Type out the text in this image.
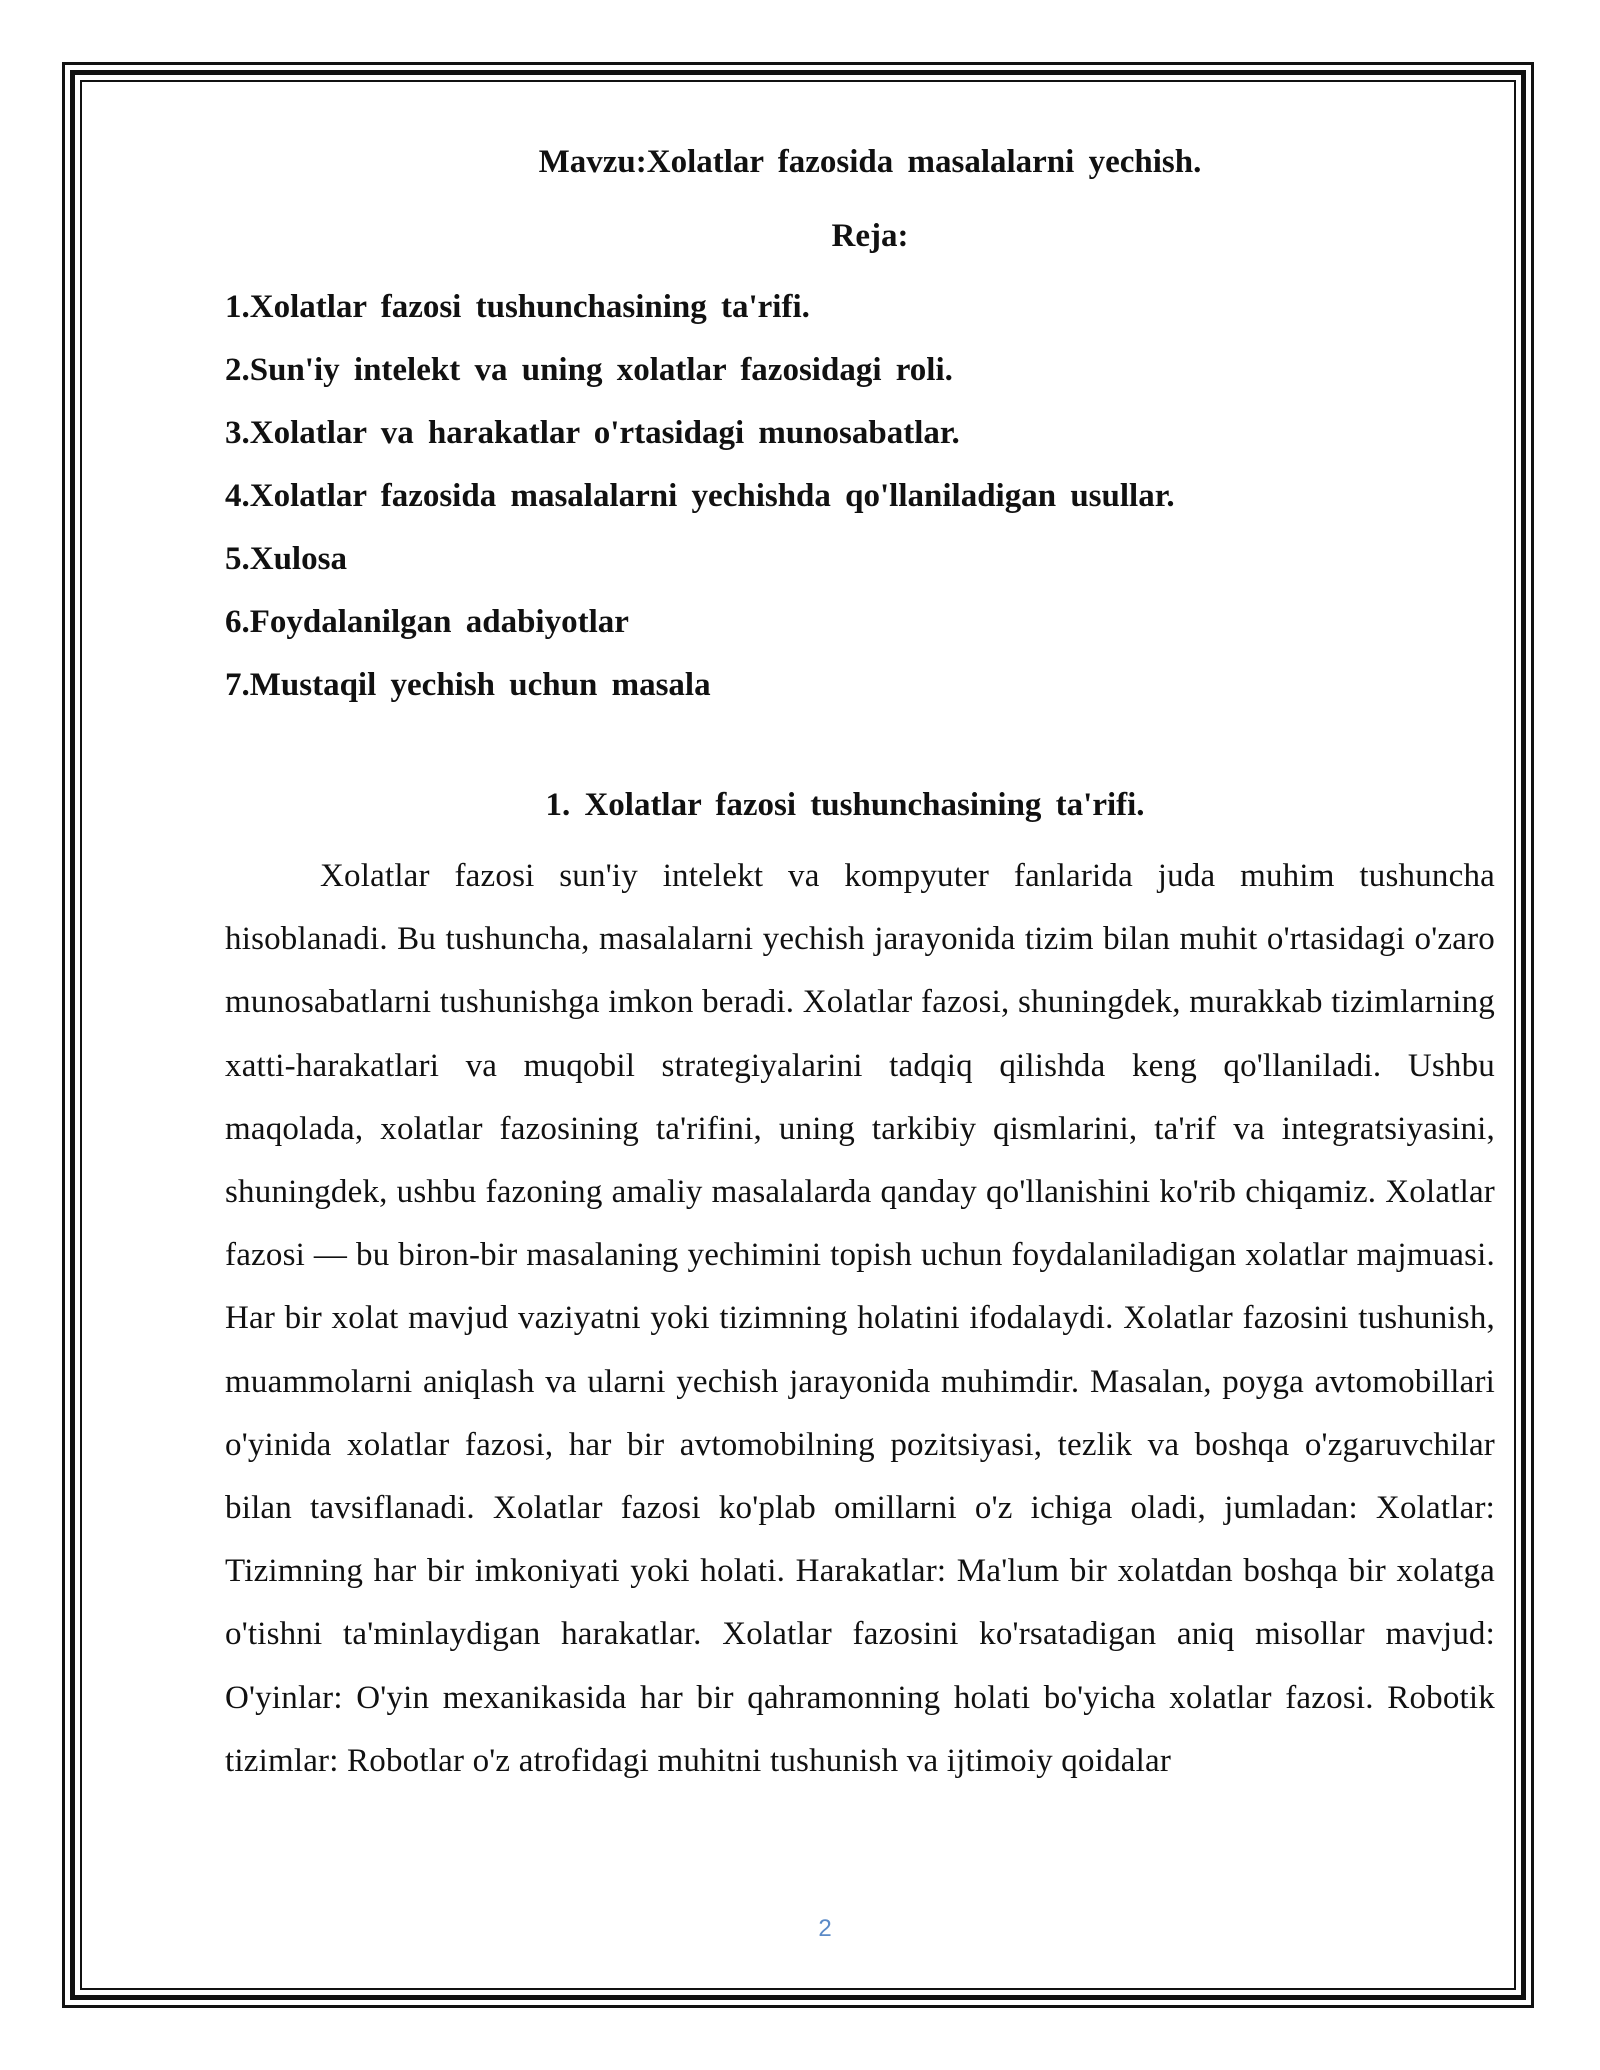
Mavzu:Xolatlar fazosida masalalarni yechish.
Reja:
1.Xolatlar fazosi tushunchasining ta'rifi.
2.Sun'iy intelekt va uning xolatlar fazosidagi roli.
3.Xolatlar va harakatlar o'rtasidagi munosabatlar.
4.Xolatlar fazosida masalalarni yechishda qo'llaniladigan usullar.
5.Xulosa
6.Foydalanilgan adabiyotlar
7.Mustaqil yechish uchun masala
1. Xolatlar fazosi tushunchasining ta'rifi.

Xolatlar fazosi sun'iy intelekt va kompyuter fanlarida juda muhim tushuncha hisoblanadi. Bu tushuncha, masalalarni yechish jarayonida tizim bilan muhit o'rtasidagi o'zaro munosabatlarni tushunishga imkon beradi. Xolatlar fazosi, shuningdek, murakkab tizimlarning xatti-harakatlari va muqobil strategiyalarini tadqiq qilishda keng qo'llaniladi. Ushbu maqolada, xolatlar fazosining ta'rifini, uning tarkibiy qismlarini, ta'rif va integratsiyasini, shuningdek, ushbu fazoning amaliy masalalarda qanday qo'llanishini ko'rib chiqamiz. Xolatlar fazosi — bu biron-bir masalaning yechimini topish uchun foydalaniladigan xolatlar majmuasi. Har bir xolat mavjud vaziyatni yoki tizimning holatini ifodalaydi. Xolatlar fazosini tushunish, muammolarni aniqlash va ularni yechish jarayonida muhimdir. Masalan, poyga avtomobillari o'yinida xolatlar fazosi, har bir avtomobilning pozitsiyasi, tezlik va boshqa o'zgaruvchilar bilan tavsiflanadi. Xolatlar fazosi ko'plab omillarni o'z ichiga oladi, jumladan: Xolatlar: Tizimning har bir imkoniyati yoki holati. Harakatlar: Ma'lum bir xolatdan boshqa bir xolatga o'tishni ta'minlaydigan harakatlar. Xolatlar fazosini ko'rsatadigan aniq misollar mavjud: O'yinlar: O'yin mexanikasida har bir qahramonning holati bo'yicha xolatlar fazosi. Robotik tizimlar: Robotlar o'z atrofidagi muhitni tushunish va ijtimoiy qoidalar

2
